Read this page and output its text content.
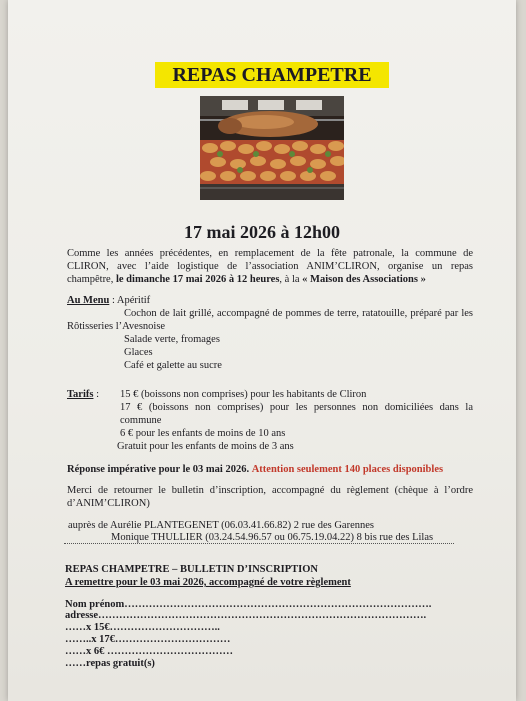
REPAS CHAMPETRE
17 mai 2026 à 12h00
Comme les années précédentes, en remplacement de la fête patronale, la commune de
CLIRON, avec l’aide logistique de l’association ANIM’CLIRON, organise un repas
champêtre, le dimanche 17 mai 2026 à 12 heures, à la « Maison des Associations »
Au Menu : Apéritif
Cochon de lait grillé, accompagné de pommes de terre, ratatouille, préparé par les
Rôtisseries l’Avesnoise
Salade verte, fromages
Glaces
Café et galette au sucre
Tarifs : 15 € (boissons non comprises) pour les habitants de Cliron
17 € (boissons non comprises) pour les personnes non domiciliées dans la
commune
6 € pour les enfants de moins de 10 ans
Gratuit pour les enfants de moins de 3 ans
Réponse impérative pour le 03 mai 2026. Attention seulement 140 places disponibles
Merci de retourner le bulletin d’inscription, accompagné du règlement (chèque à l’ordre
d’ANIM’CLIRON)
auprès de Aurélie PLANTEGENET (06.03.41.66.82) 2 rue des Garennes
Monique THULLIER (03.24.54.96.57 ou 06.75.19.04.22) 8 bis rue des Lilas
REPAS CHAMPETRE – BULLETIN D’INSCRIPTION
A remettre pour le 03 mai 2026, accompagné de votre règlement
Nom prénom…………………………………………………………………………….
adresse………………………………………………………………………………….
……x 15€…………………………..
……..x 17€……………………………
……x 6€ ………………………………
……repas gratuit(s)
